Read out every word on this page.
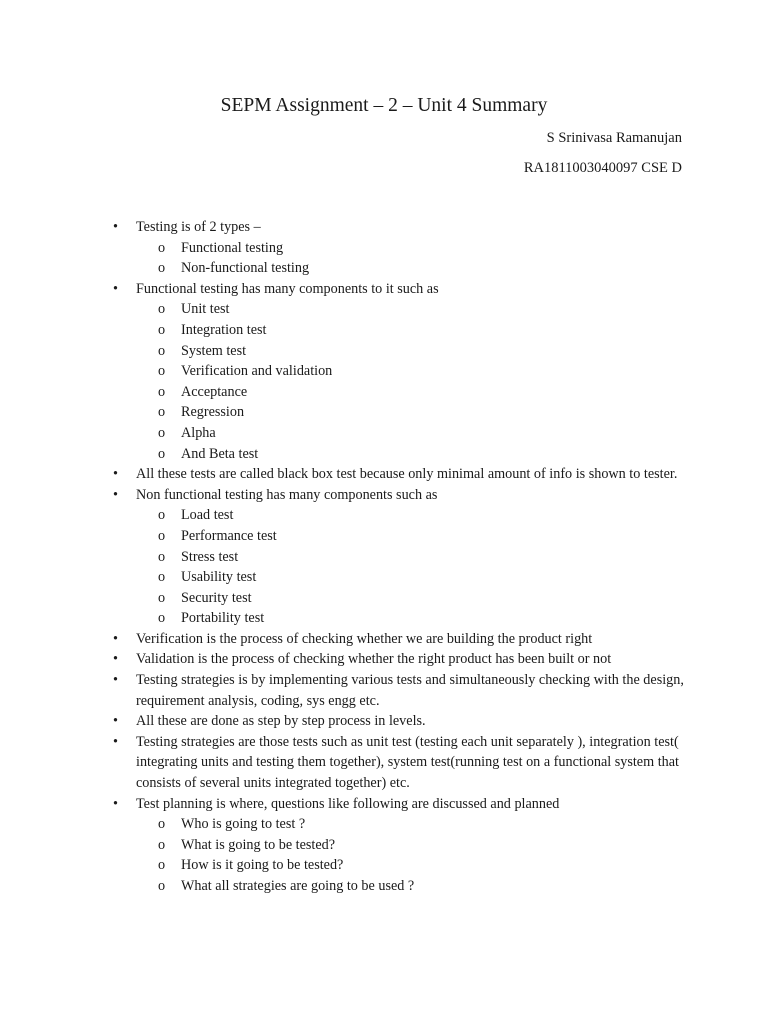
SEPM Assignment – 2 – Unit 4 Summary
S Srinivasa Ramanujan
RA1811003040097 CSE D
• Testing is of 2 types –
o Functional testing
o Non-functional testing
• Functional testing has many components to it such as
o Unit test
o Integration test
o System test
o Verification and validation
o Acceptance
o Regression
o Alpha
o And Beta test
• All these tests are called black box test because only minimal amount of info is shown to tester.
• Non functional testing has many components such as
o Load test
o Performance test
o Stress test
o Usability test
o Security test
o Portability test
• Verification is the process of checking whether we are building the product right
• Validation is the process of checking whether the right product has been built or not
• Testing strategies is by implementing various tests and simultaneously checking with the design, requirement analysis, coding, sys engg etc.
• All these are done as step by step process in levels.
• Testing strategies are those tests such as unit test (testing each unit separately ), integration test( integrating units and testing them together), system test(running test on a functional system that consists of several units integrated together) etc.
• Test planning is where, questions like following are discussed and planned
o Who is going to test ?
o What is going to be tested?
o How is it going to be tested?
o What all strategies are going to be used ?
